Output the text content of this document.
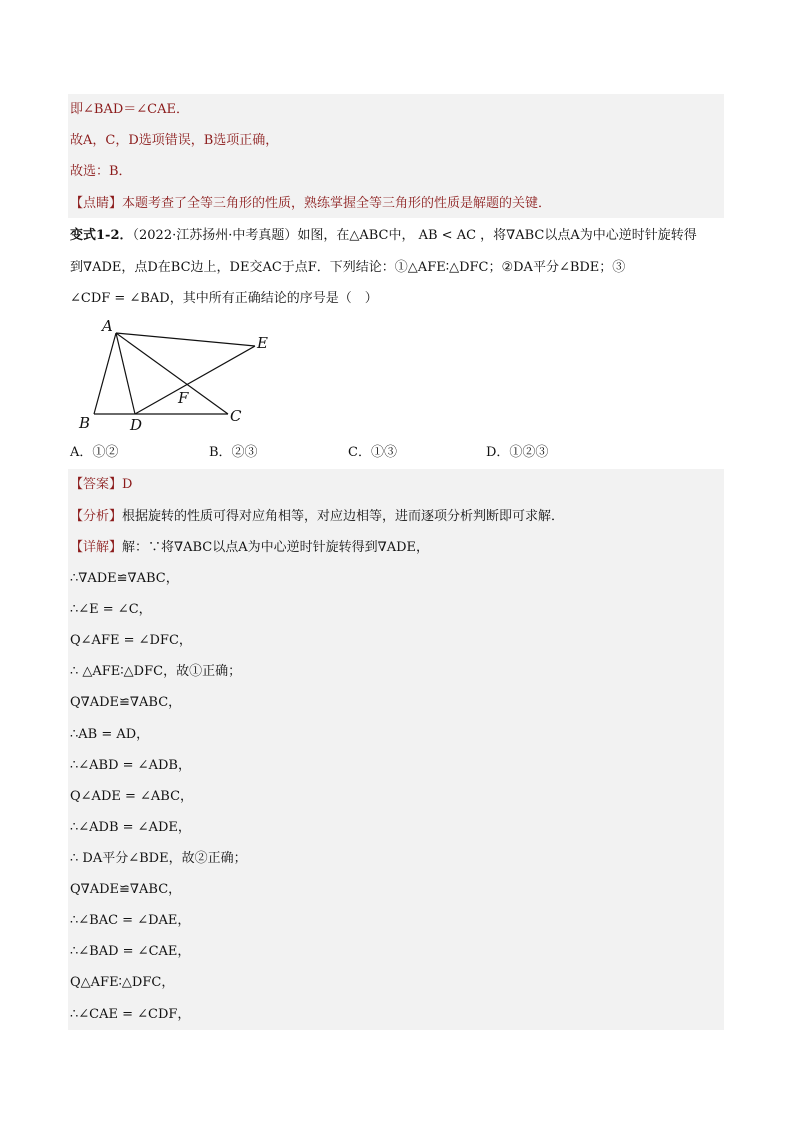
即∠BAD＝∠CAE．
故A，C，D选项错误，B选项正确，
故选：B．
【点睛】本题考查了全等三角形的性质，熟练掌握全等三角形的性质是解题的关键．
变式1-2．（2022·江苏扬州·中考真题）如图，在△ABC中， AB < AC ，将∇ABC以点A为中心逆时针旋转得
到∇ADE，点D在BC边上，DE交AC于点F．下列结论：①△AFE∶△DFC；②DA平分∠BDE；③
∠CDF = ∠BAD，其中所有正确结论的序号是（　）
A
B	C
D
E
F
A．①②	B．②③	C．①③	D．①②③
【答案】D
【分析】根据旋转的性质可得对应角相等，对应边相等，进而逐项分析判断即可求解．
【详解】解：∵将∇ABC以点A为中心逆时针旋转得到∇ADE，
∴∇ADE≌∇ABC，
∴∠E = ∠C，
Q∠AFE = ∠DFC，
∴ △AFE∶△DFC，故①正确；
Q∇ADE≌∇ABC，
∴AB = AD，
∴∠ABD = ∠ADB，
Q∠ADE = ∠ABC，
∴∠ADB = ∠ADE，
∴ DA平分∠BDE，故②正确；
Q∇ADE≌∇ABC，
∴∠BAC = ∠DAE，
∴∠BAD = ∠CAE，
Q△AFE∶△DFC，
∴∠CAE = ∠CDF，
